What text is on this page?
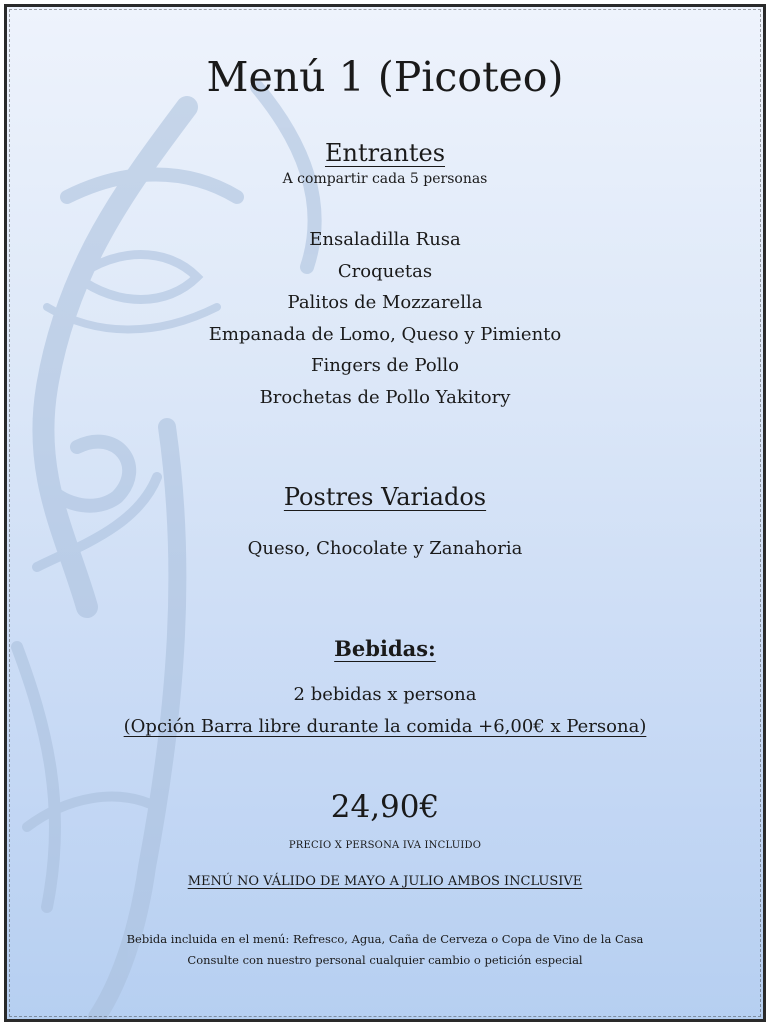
Menú 1 (Picoteo)
Entrantes
A compartir cada 5 personas
Ensaladilla Rusa
Croquetas
Palitos de Mozzarella
Empanada de Lomo, Queso y Pimiento
Fingers de Pollo
Brochetas de Pollo Yakitory
Postres Variados
Queso, Chocolate y Zanahoria
Bebidas:
2 bebidas x persona
(Opción Barra libre durante la comida +6,00€ x Persona)
24,90€
PRECIO X PERSONA IVA INCLUIDO
MENÚ NO VÁLIDO DE MAYO A JULIO AMBOS INCLUSIVE
Bebida incluida en el menú: Refresco, Agua, Caña de Cerveza o Copa de Vino de la Casa
Consulte con nuestro personal cualquier cambio o petición especial
